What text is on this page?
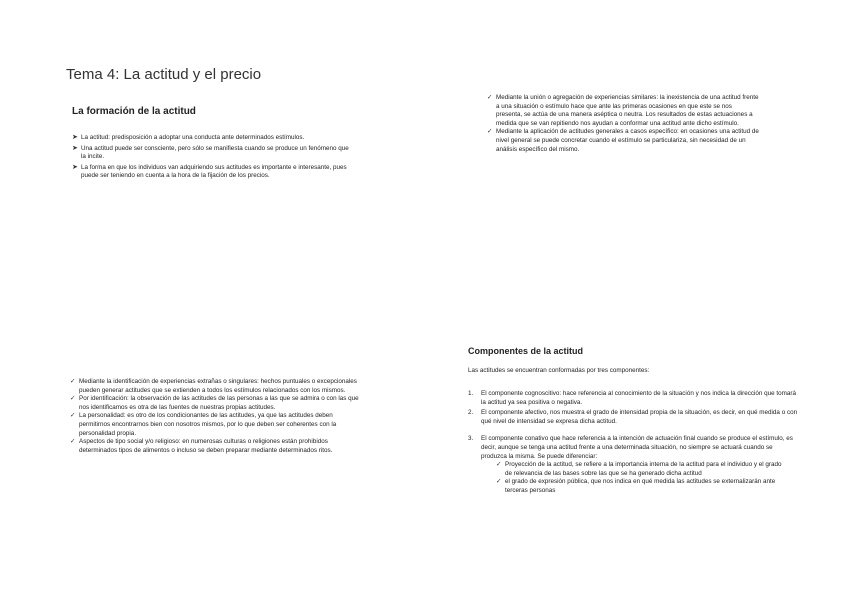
Tema 4: La actitud y el precio
La formación de la actitud
➤ La actitud: predisposición a adoptar una conducta ante determinados estímulos.
➤ Una actitud puede ser consciente, pero sólo se manifiesta cuando se produce un fenómeno que la incite.
➤ La forma en que los individuos van adquiriendo sus actitudes es importante e interesante, pues puede ser teniendo en cuenta a la hora de la fijación de los precios.
✓ Mediante la unión o agregación de experiencias similares: la inexistencia de una actitud frente a una situación o estímulo hace que ante las primeras ocasiones en que este se nos presenta, se actúa de una manera aséptica o neutra. Los resultados de estas actuaciones a medida que se van repitiendo nos ayudan a conformar una actitud ante dicho estímulo.
✓ Mediante la aplicación de actitudes generales a casos específico: en ocasiones una actitud de nivel general se puede concretar cuando el estímulo se particulariza, sin necesidad de un análisis específico del mismo.
✓ Mediante la identificación de experiencias extrañas o singulares: hechos puntuales o excepcionales pueden generar actitudes que se extienden a todos los estímulos relacionados con los mismos.
✓ Por identificación: la observación de las actitudes de las personas a las que se admira o con las que nos identificamos es otra de las fuentes de nuestras propias actitudes.
✓ La personalidad: es otro de los condicionantes de las actitudes, ya que las actitudes deben permitirnos encontrarnos bien con nosotros mismos, por lo que deben ser coherentes con la personalidad propia.
✓ Aspectos de tipo social y/o religioso: en numerosas culturas o religiones están prohibidos determinados tipos de alimentos o incluso se deben preparar mediante determinados ritos.
Componentes de la actitud
Las actitudes se encuentran conformadas por tres componentes:
1. El componente cognoscitivo: hace referencia al conocimiento de la situación y nos indica la dirección que tomará la actitud ya sea positiva o negativa.
2. El componente afectivo, nos muestra el grado de intensidad propia de la situación, es decir, en qué medida o con qué nivel de intensidad se expresa dicha actitud.
3. El componente conativo que hace referencia a la intención de actuación final cuando se produce el estímulo, es decir, aunque se tenga una actitud frente a una determinada situación, no siempre se actuará cuando se produzca la misma. Se puede diferenciar:
✓ Proyección de la actitud, se refiere a la importancia interna de la actitud para el individuo y el grado de relevancia de las bases sobre las que se ha generado dicha actitud
✓ el grado de expresión pública, que nos indica en qué medida las actitudes se externalizarán ante terceras personas
